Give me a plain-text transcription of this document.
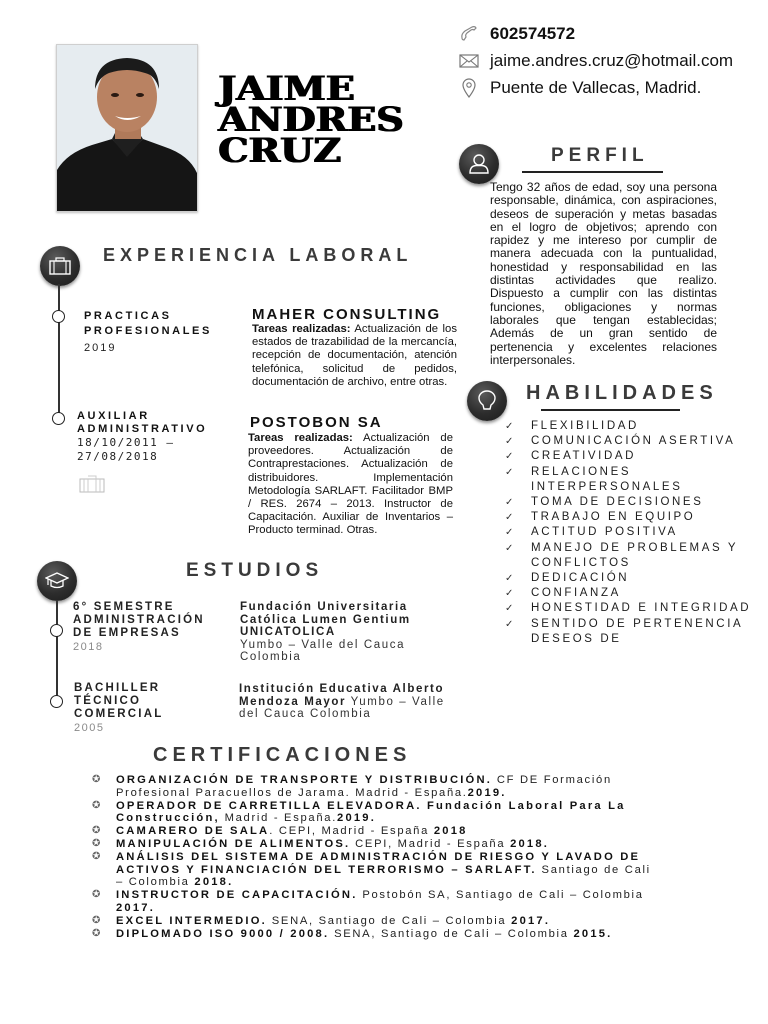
JAIME
ANDRES
CRUZ
602574572
jaime.andres.cruz@hotmail.com
Puente de Vallecas, Madrid.
PERFIL
Tengo 32 años de edad, soy una persona responsable, dinámica, con aspiraciones, deseos de superación y metas basadas en el logro de objetivos; aprendo con rapidez y me intereso por cumplir de manera adecuada con la puntualidad, honestidad y responsabilidad en las distintas actividades que realizo. Dispuesto a cumplir con las distintas funciones, obligaciones y normas laborales que tengan establecidas; Además de un gran sentido de pertenencia y excelentes relaciones interpersonales.
HABILIDADES
✓	FLEXIBILIDAD
✓	COMUNICACIÓN ASERTIVA
✓	CREATIVIDAD
✓	RELACIONES INTERPERSONALES
✓	TOMA DE DECISIONES
✓	TRABAJO EN EQUIPO
✓	ACTITUD POSITIVA
✓	MANEJO DE PROBLEMAS Y CONFLICTOS
✓	DEDICACIÓN
✓	CONFIANZA
✓	HONESTIDAD E INTEGRIDAD
✓	SENTIDO DE PERTENENCIA DESEOS DE
EXPERIENCIA LABORAL
PRACTICAS
PROFESIONALES
2019
MAHER CONSULTING
Tareas realizadas: Actualización de los estados de trazabilidad de la mercancía, recepción de documentación, atención telefónica, solicitud de pedidos, documentación de archivo, entre otras.
AUXILIAR
ADMINISTRATIVO
18/10/2011 –
27/08/2018
POSTOBON SA
Tareas realizadas: Actualización de proveedores. Actualización de Contraprestaciones. Actualización de distribuidores. Implementación Metodología SARLAFT. Facilitador BMP / RES. 2674 – 2013. Instructor de Capacitación. Auxiliar de Inventarios – Producto terminad. Otras.
ESTUDIOS
6° SEMESTRE
ADMINISTRACIÓN
DE EMPRESAS
2018
Fundación Universitaria Católica Lumen Gentium UNICATOLICA
Yumbo – Valle del Cauca Colombia
BACHILLER
TÉCNICO
COMERCIAL
2005
Institución Educativa Alberto Mendoza Mayor Yumbo – Valle del Cauca Colombia
CERTIFICACIONES
✪	ORGANIZACIÓN DE TRANSPORTE Y DISTRIBUCIÓN. CF DE Formación Profesional Paracuellos de Jarama. Madrid - España.2019.
✪	OPERADOR DE CARRETILLA ELEVADORA. Fundación Laboral Para La Construcción, Madrid - España.2019.
✪	CAMARERO DE SALA. CEPI, Madrid - España 2018
✪	MANIPULACIÓN DE ALIMENTOS. CEPI, Madrid - España 2018.
✪	ANÁLISIS DEL SISTEMA DE ADMINISTRACIÓN DE RIESGO Y LAVADO DE ACTIVOS Y FINANCIACIÓN DEL TERRORISMO – SARLAFT. Santiago de Cali – Colombia 2018.
✪	INSTRUCTOR DE CAPACITACIÓN. Postobón SA, Santiago de Cali – Colombia 2017.
✪	EXCEL INTERMEDIO. SENA, Santiago de Cali – Colombia 2017.
✪	DIPLOMADO ISO 9000 / 2008. SENA, Santiago de Cali – Colombia 2015.
